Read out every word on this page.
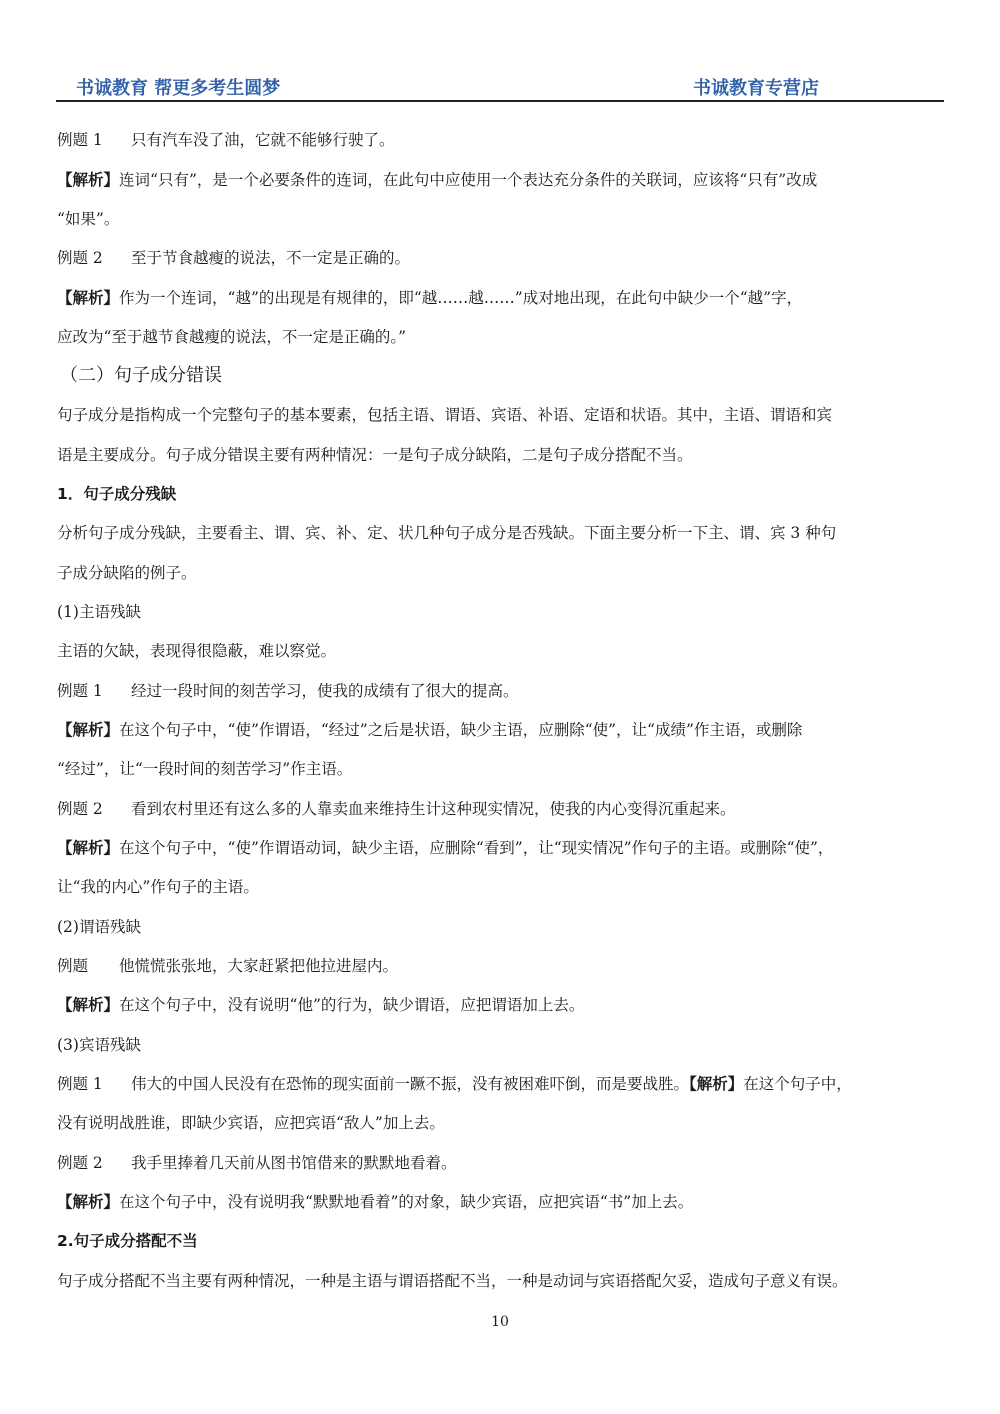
书诚教育 帮更多考生圆梦	书诚教育专营店
例题 1 只有汽车没了油，它就不能够行驶了。
【解析】连词“只有”，是一个必要条件的连词，在此句中应使用一个表达充分条件的关联词，应该将“只有”改成
“如果”。
例题 2 至于节食越瘦的说法，不一定是正确的。
【解析】作为一个连词，“越”的出现是有规律的，即“越……越……”成对地出现，在此句中缺少一个“越”字，
应改为“至于越节食越瘦的说法，不一定是正确的。”
（二）句子成分错误
句子成分是指构成一个完整句子的基本要素，包括主语、谓语、宾语、补语、定语和状语。其中，主语、谓语和宾
语是主要成分。句子成分错误主要有两种情况：一是句子成分缺陷，二是句子成分搭配不当。
1．句子成分残缺
分析句子成分残缺，主要看主、谓、宾、补、定、状几种句子成分是否残缺。下面主要分析一下主、谓、宾 3 种句
子成分缺陷的例子。
(1)主语残缺
主语的欠缺，表现得很隐蔽，难以察觉。
例题 1 经过一段时间的刻苦学习，使我的成绩有了很大的提高。
【解析】在这个句子中，“使”作谓语，“经过”之后是状语，缺少主语，应删除“使”，让“成绩”作主语，或删除
“经过”，让“一段时间的刻苦学习”作主语。
例题 2 看到农村里还有这么多的人靠卖血来维持生计这种现实情况，使我的内心变得沉重起来。
【解析】在这个句子中，“使”作谓语动词，缺少主语，应删除“看到”，让“现实情况”作句子的主语。或删除“使”，
让“我的内心”作句子的主语。
(2)谓语残缺
例题 他慌慌张张地，大家赶紧把他拉进屋内。
【解析】在这个句子中，没有说明“他”的行为，缺少谓语，应把谓语加上去。
(3)宾语残缺
例题 1 伟大的中国人民没有在恐怖的现实面前一蹶不振，没有被困难吓倒，而是要战胜。【解析】在这个句子中，
没有说明战胜谁，即缺少宾语，应把宾语“敌人”加上去。
例题 2 我手里捧着几天前从图书馆借来的默默地看着。
【解析】在这个句子中，没有说明我“默默地看着”的对象，缺少宾语，应把宾语“书”加上去。
2.句子成分搭配不当
句子成分搭配不当主要有两种情况，一种是主语与谓语搭配不当，一种是动词与宾语搭配欠妥，造成句子意义有误。
10
